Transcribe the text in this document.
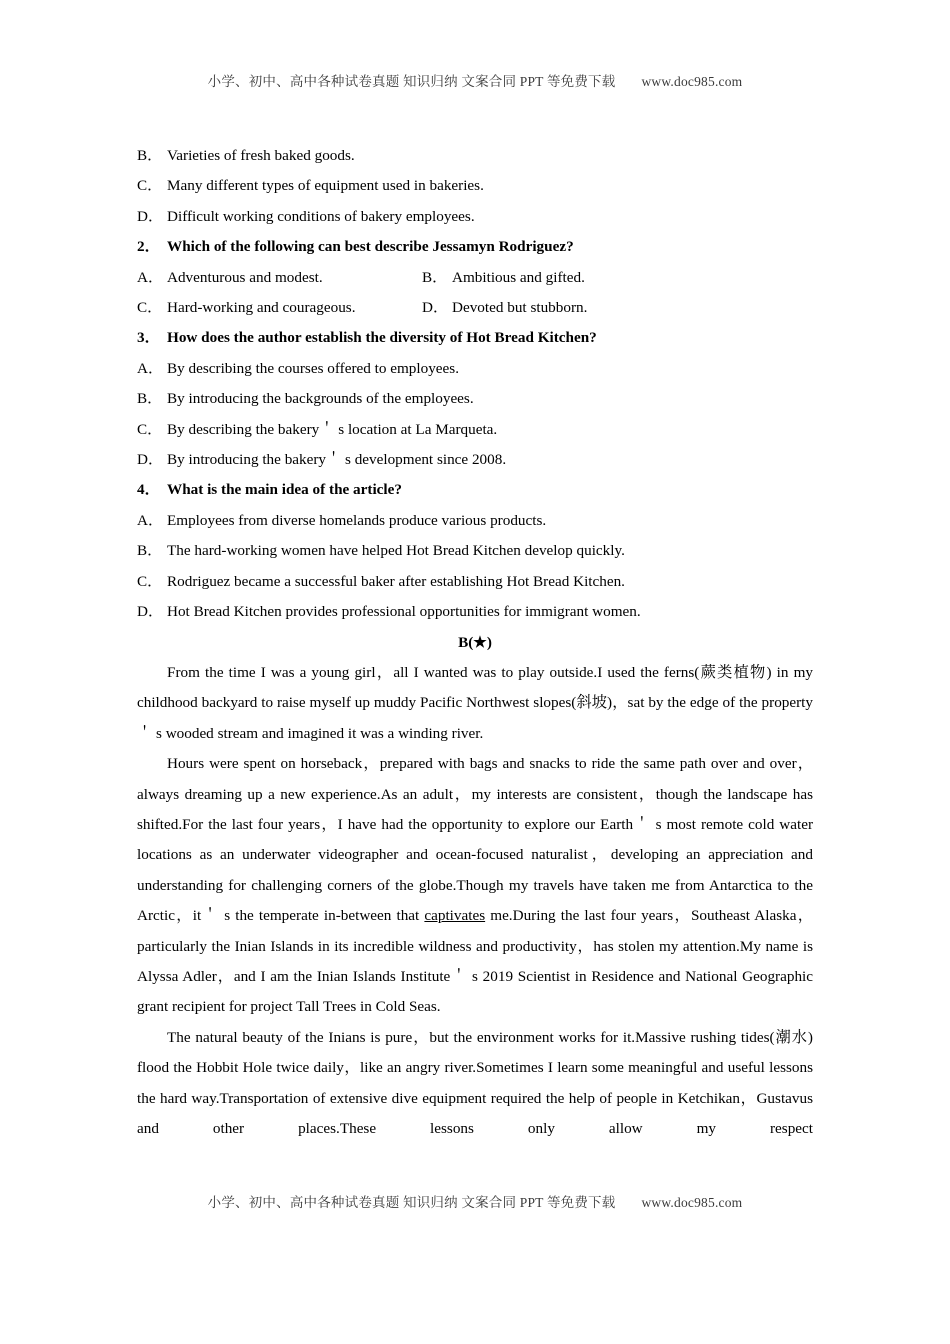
小学、初中、高中各种试卷真题 知识归纳 文案合同 PPT 等免费下载 www.doc985.com
B． Varieties of fresh baked goods.
C． Many different types of equipment used in bakeries.
D． Difficult working conditions of bakery employees.
2． Which of the following can best describe Jessamyn Rodriguez?
A． Adventurous and modest.	B． Ambitious and gifted.
C． Hard-working and courageous.	D． Devoted but stubborn.
3． How does the author establish the diversity of Hot Bread Kitchen?
A． By describing the courses offered to employees.
B． By introducing the backgrounds of the employees.
C． By describing the bakery＇ s location at La Marqueta.
D． By introducing the bakery＇ s development since 2008.
4． What is the main idea of the article?
A． Employees from diverse homelands produce various products.
B． The hard-working women have helped Hot Bread Kitchen develop quickly.
C． Rodriguez became a successful baker after establishing Hot Bread Kitchen.
D． Hot Bread Kitchen provides professional opportunities for immigrant women.
B(★)

From the time I was a young girl，all I wanted was to play outside.I used the ferns(蕨类植物) in my childhood backyard to raise myself up muddy Pacific Northwest slopes(斜坡)，sat by the edge of the property＇ s wooded stream and imagined it was a winding river.

Hours were spent on horseback，prepared with bags and snacks to ride the same path over and over，always dreaming up a new experience.As an adult，my interests are consistent，though the landscape has shifted.For the last four years，I have had the opportunity to explore our Earth＇ s most remote cold water locations as an underwater videographer and ocean-focused naturalist，developing an appreciation and understanding for challenging corners of the globe.Though my travels have taken me from Antarctica to the Arctic，it＇ s the temperate in-between that captivates me.During the last four years，Southeast Alaska，particularly the Inian Islands in its incredible wildness and productivity，has stolen my attention.My name is Alyssa Adler，and I am the Inian Islands Institute＇ s 2019 Scientist in Residence and National Geographic grant recipient for project Tall Trees in Cold Seas.

The natural beauty of the Inians is pure，but the environment works for it.Massive rushing tides(潮水) flood the Hobbit Hole twice daily，like an angry river.Sometimes I learn some meaningful and useful lessons the hard way.Transportation of extensive dive equipment required the help of people in Ketchikan，Gustavus and other places.These lessons only allow my respect

小学、初中、高中各种试卷真题 知识归纳 文案合同 PPT 等免费下载 www.doc985.com
